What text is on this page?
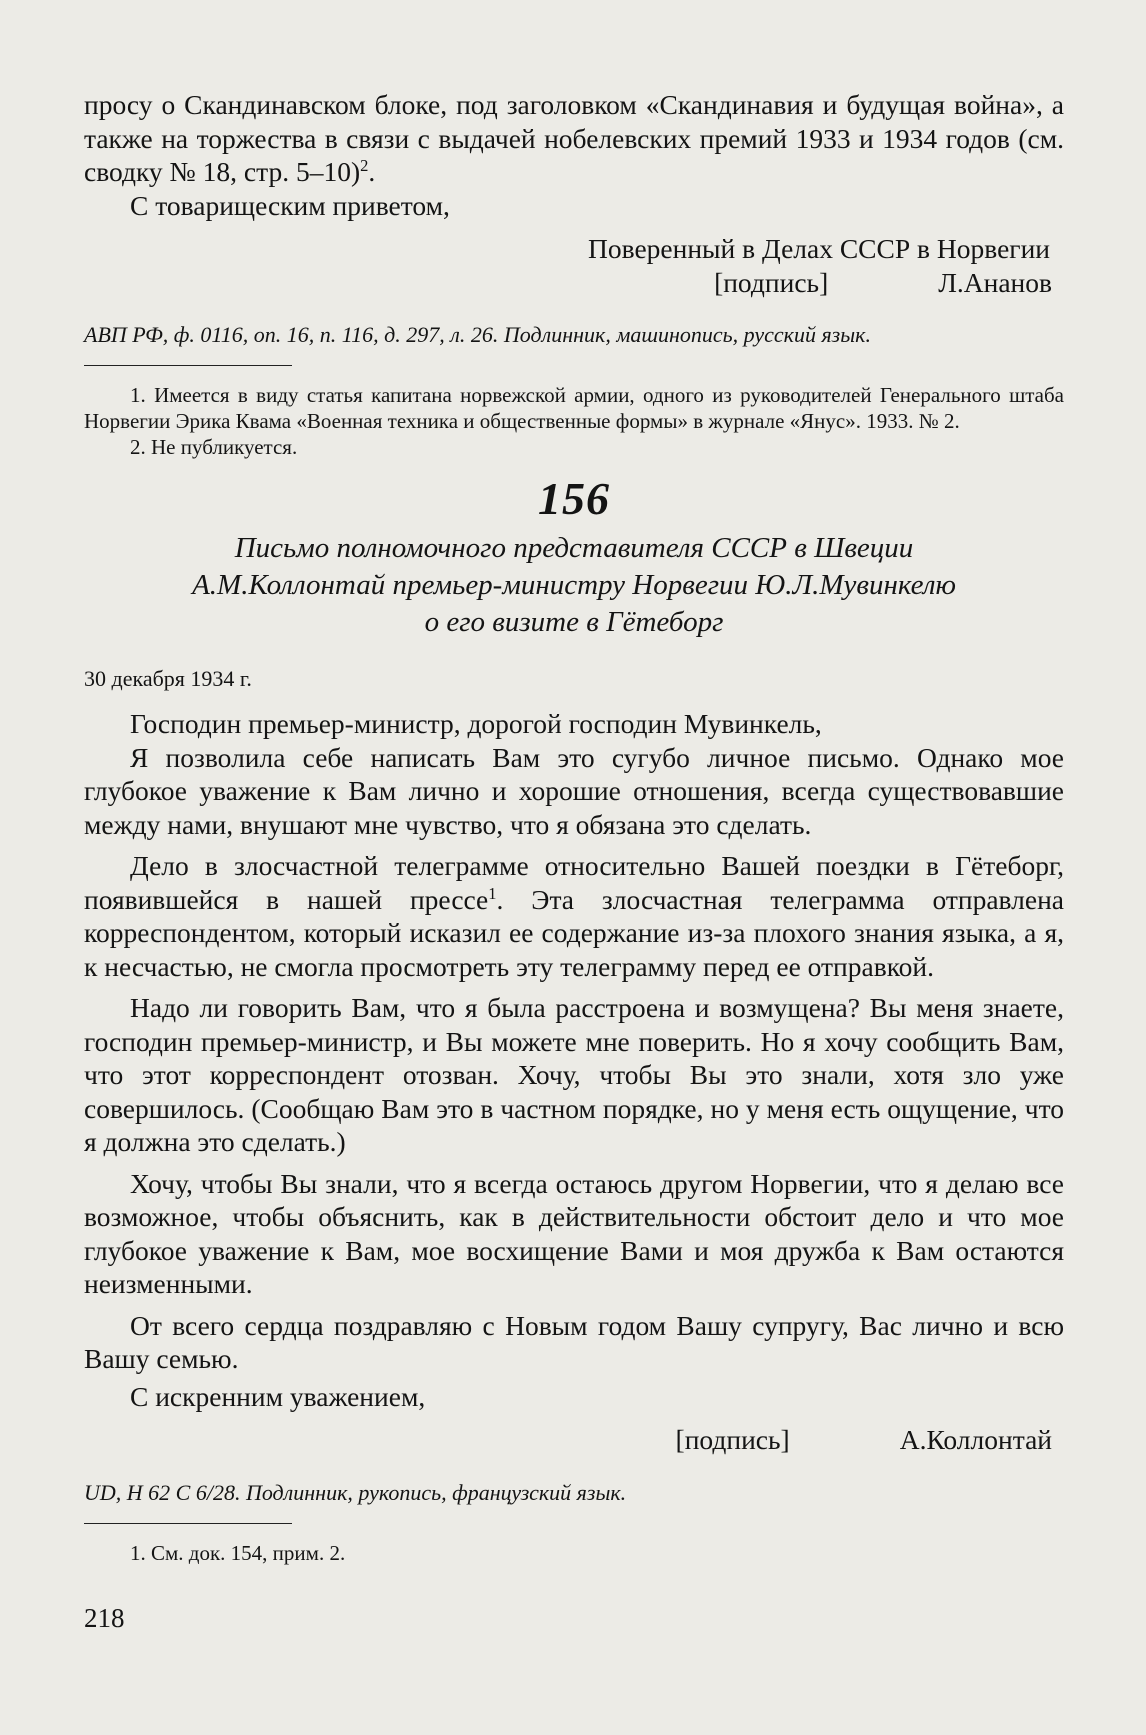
просу о Скандинавском блоке, под заголовком «Скандинавия и будущая война», а также на торжества в связи с выдачей нобелевских премий 1933 и 1934 годов (см. сводку № 18, стр. 5–10)$^2$.

С товарищеским приветом,

Поверенный в Делах СССР в Норвегии

[подпись]	Л.Ананов

АВП РФ, ф. 0116, оп. 16, п. 116, д. 297, л. 26. Подлинник, машинопись, русский язык.

1. Имеется в виду статья капитана норвежской армии, одного из руководителей Генерального штаба Норвегии Эрика Квама «Военная техника и общественные формы» в журнале «Янус». 1933. № 2.

2. Не публикуется.

156

Письмо полномочного представителя СССР в Швеции

А.М.Коллонтай премьер-министру Норвегии Ю.Л.Мувинкелю

о его визите в Гётеборг

30 декабря 1934 г.

Господин премьер-министр, дорогой господин Мувинкель,

Я позволила себе написать Вам это сугубо личное письмо. Однако мое глубокое уважение к Вам лично и хорошие отношения, всегда существовавшие между нами, внушают мне чувство, что я обязана это сделать.

Дело в злосчастной телеграмме относительно Вашей поездки в Гётеборг, появившейся в нашей прессе$^1$. Эта злосчастная телеграмма отправлена корреспондентом, который исказил ее содержание из-за плохого знания языка, а я, к несчастью, не смогла просмотреть эту телеграмму перед ее отправкой.

Надо ли говорить Вам, что я была расстроена и возмущена? Вы меня знаете, господин премьер-министр, и Вы можете мне поверить. Но я хочу сообщить Вам, что этот корреспондент отозван. Хочу, чтобы Вы это знали, хотя зло уже совершилось. (Сообщаю Вам это в частном порядке, но у меня есть ощущение, что я должна это сделать.)

Хочу, чтобы Вы знали, что я всегда остаюсь другом Норвегии, что я делаю все возможное, чтобы объяснить, как в действительности обстоит дело и что мое глубокое уважение к Вам, мое восхищение Вами и моя дружба к Вам остаются неизменными.

От всего сердца поздравляю с Новым годом Вашу супругу, Вас лично и всю Вашу семью.

С искренним уважением,

[подпись]	А.Коллонтай

UD, H 62 C 6/28. Подлинник, рукопись, французский язык.

1. См. док. 154, прим. 2.

218
